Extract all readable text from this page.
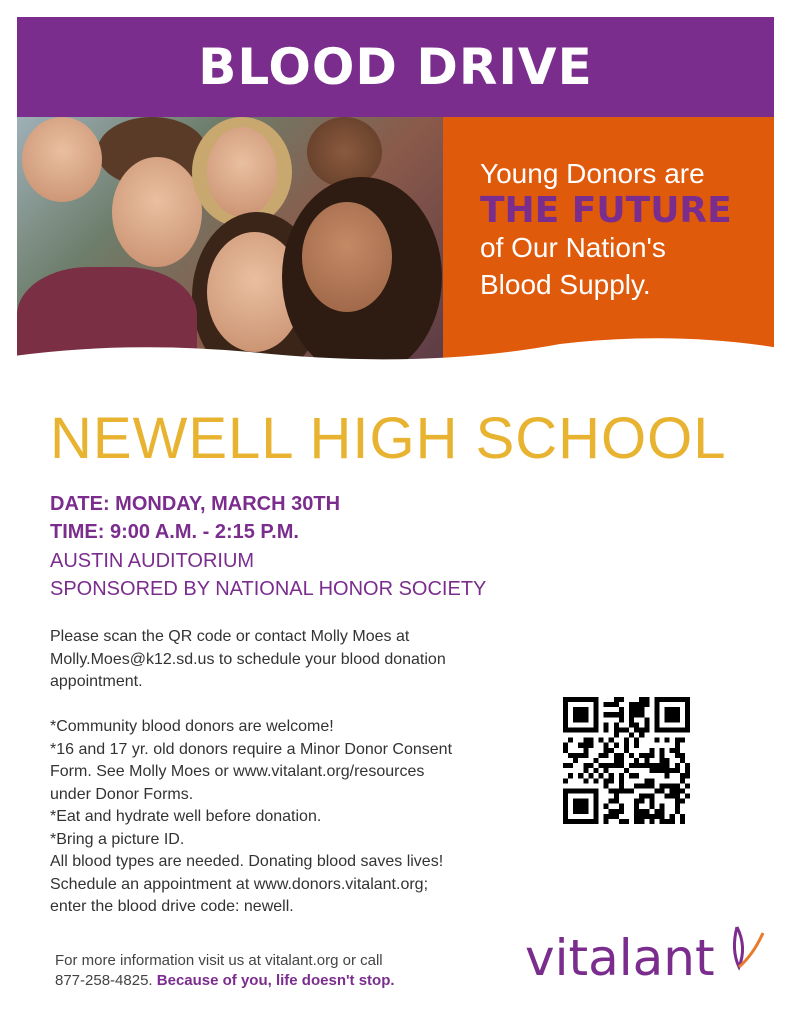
BLOOD DRIVE
Young Donors are
THE FUTURE
of Our Nation's
Blood Supply.
NEWELL HIGH SCHOOL
DATE: MONDAY, MARCH 30TH
TIME: 9:00 A.M. - 2:15 P.M.
AUSTIN AUDITORIUM
SPONSORED BY NATIONAL HONOR SOCIETY

Please scan the QR code or contact Molly Moes at

Molly.Moes@k12.sd.us to schedule your blood donation

appointment.

*Community blood donors are welcome!

*16 and 17 yr. old donors require a Minor Donor Consent

Form. See Molly Moes or www.vitalant.org/resources

under Donor Forms.

*Eat and hydrate well before donation.

*Bring a picture ID.

All blood types are needed. Donating blood saves lives!

Schedule an appointment at www.donors.vitalant.org;

enter the blood drive code: newell.

For more information visit us at vitalant.org or call
877-258-4825. Because of you, life doesn't stop.	vitalant
